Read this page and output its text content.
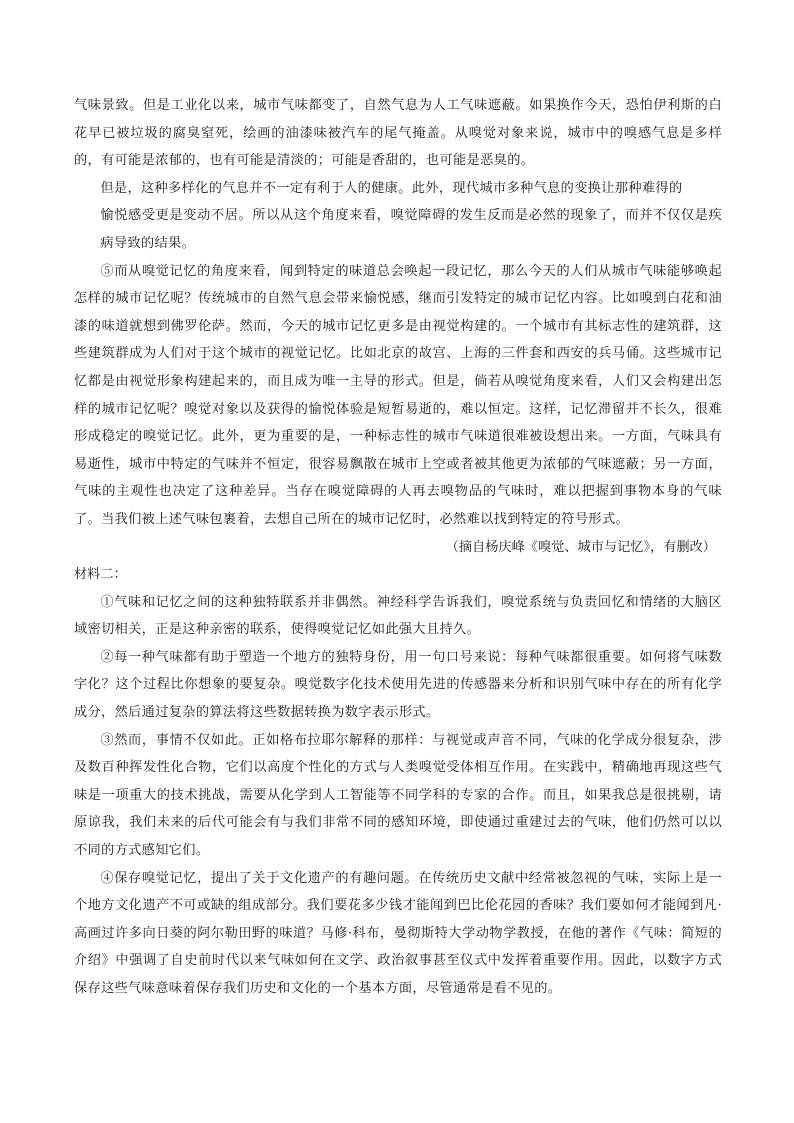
气味景致。但是工业化以来，城市气味都变了，自然气息为人工气味遮蔽。如果换作今天，恐怕伊利斯的白花早已被垃圾的腐臭窒死，绘画的油漆味被汽车的尾气掩盖。从嗅觉对象来说，城市中的嗅感气息是多样的，有可能是浓郁的，也有可能是清淡的；可能是香甜的，也可能是恶臭的。

但是，这种多样化的气息并不一定有利于人的健康。此外，现代城市多种气息的变换让那种难得的

愉悦感受更是变动不居。所以从这个角度来看，嗅觉障碍的发生反而是必然的现象了，而并不仅仅是疾病导致的结果。

⑤而从嗅觉记忆的角度来看，闻到特定的味道总会唤起一段记忆，那么今天的人们从城市气味能够唤起怎样的城市记忆呢？传统城市的自然气息会带来愉悦感，继而引发特定的城市记忆内容。比如嗅到白花和油漆的味道就想到佛罗伦萨。然而，今天的城市记忆更多是由视觉构建的。一个城市有其标志性的建筑群，这些建筑群成为人们对于这个城市的视觉记忆。比如北京的故宫、上海的三件套和西安的兵马俑。这些城市记忆都是由视觉形象构建起来的，而且成为唯一主导的形式。但是，倘若从嗅觉角度来看，人们又会构建出怎样的城市记忆呢？嗅觉对象以及获得的愉悦体验是短暂易逝的，难以恒定。这样，记忆滞留并不长久，很难形成稳定的嗅觉记忆。此外，更为重要的是，一种标志性的城市气味道很难被设想出来。一方面，气味具有易逝性，城市中特定的气味并不恒定，很容易飘散在城市上空或者被其他更为浓郁的气味遮蔽；另一方面，气味的主观性也决定了这种差异。当存在嗅觉障碍的人再去嗅物品的气味时，难以把握到事物本身的气味了。当我们被上述气味包裹着，去想自己所在的城市记忆时，必然难以找到特定的符号形式。

（摘自杨庆峰《嗅觉、城市与记忆》，有删改）

材料二：

①气味和记忆之间的这种独特联系并非偶然。神经科学告诉我们，嗅觉系统与负责回忆和情绪的大脑区域密切相关，正是这种亲密的联系，使得嗅觉记忆如此强大且持久。

②每一种气味都有助于塑造一个地方的独特身份，用一句口号来说：每种气味都很重要。如何将气味数字化？这个过程比你想象的要复杂。嗅觉数字化技术使用先进的传感器来分析和识别气味中存在的所有化学成分，然后通过复杂的算法将这些数据转换为数字表示形式。

③然而，事情不仅如此。正如格布拉耶尔解释的那样：与视觉或声音不同，气味的化学成分很复杂，涉及数百种挥发性化合物，它们以高度个性化的方式与人类嗅觉受体相互作用。在实践中，精确地再现这些气味是一项重大的技术挑战，需要从化学到人工智能等不同学科的专家的合作。而且，如果我总是很挑剔，请原谅我，我们未来的后代可能会有与我们非常不同的感知环境，即使通过重建过去的气味，他们仍然可以以不同的方式感知它们。

④保存嗅觉记忆，提出了关于文化遗产的有趣问题。在传统历史文献中经常被忽视的气味，实际上是一个地方文化遗产不可或缺的组成部分。我们要花多少钱才能闻到巴比伦花园的香味？我们要如何才能闻到凡·高画过许多向日葵的阿尔勒田野的味道？马修·科布，曼彻斯特大学动物学教授，在他的著作《气味：简短的介绍》中强调了自史前时代以来气味如何在文学、政治叙事甚至仪式中发挥着重要作用。因此，以数字方式保存这些气味意味着保存我们历史和文化的一个基本方面，尽管通常是看不见的。
